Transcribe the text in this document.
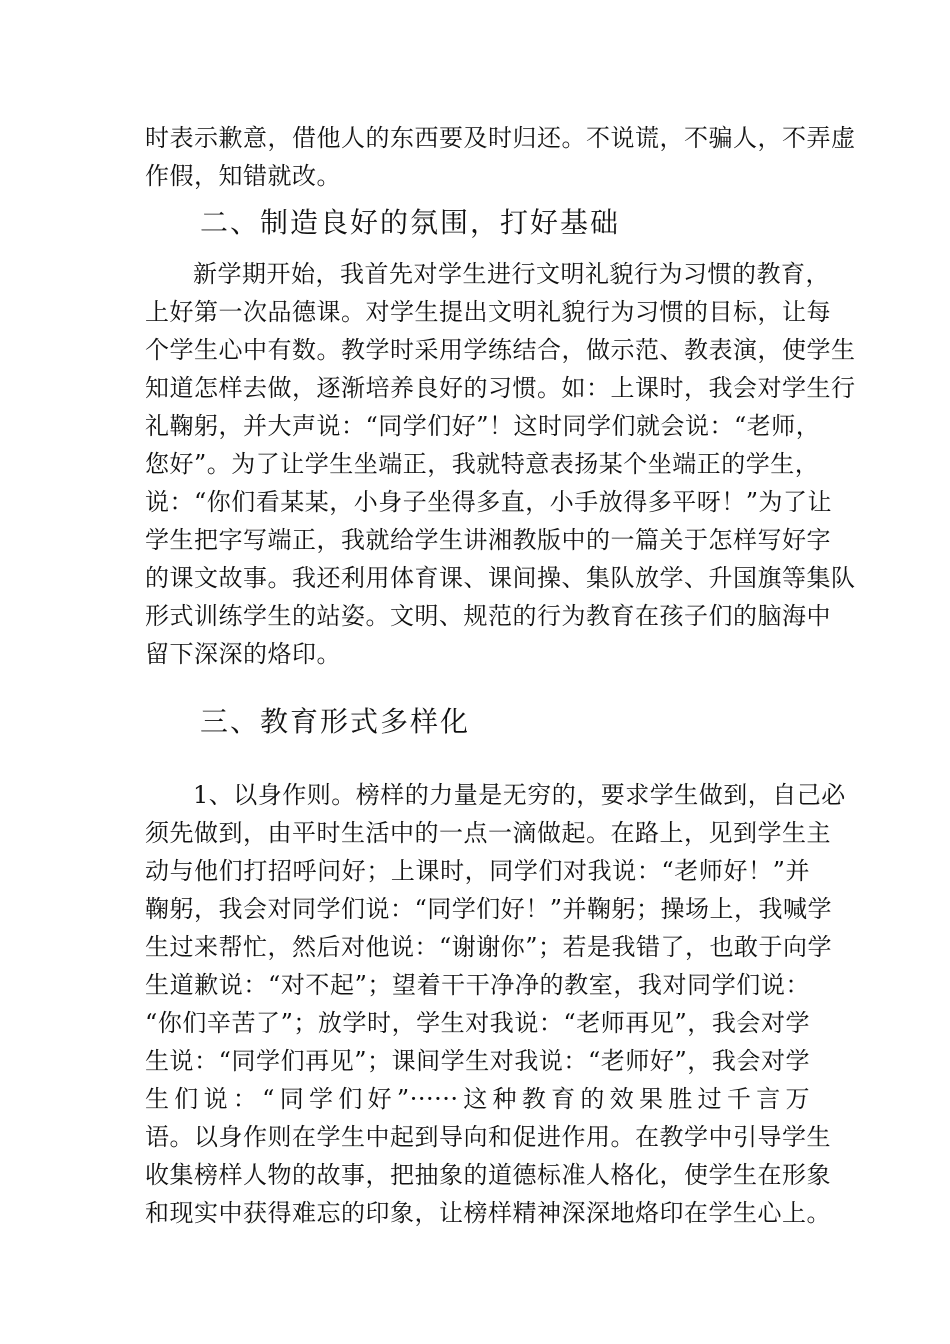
时表示歉意，借他人的东西要及时归还。不说谎，不骗人，不弄虚
作假，知错就改。
二、制造良好的氛围，打好基础
新学期开始，我首先对学生进行文明礼貌行为习惯的教育，
上好第一次品德课。对学生提出文明礼貌行为习惯的目标，让每
个学生心中有数。教学时采用学练结合，做示范、教表演，使学生
知道怎样去做，逐渐培养良好的习惯。如：上课时，我会对学生行
礼鞠躬，并大声说：“同学们好”！这时同学们就会说：“老师，
您好”。为了让学生坐端正，我就特意表扬某个坐端正的学生，
说：“你们看某某，小身子坐得多直，小手放得多平呀！”为了让
学生把字写端正，我就给学生讲湘教版中的一篇关于怎样写好字
的课文故事。我还利用体育课、课间操、集队放学、升国旗等集队
形式训练学生的站姿。文明、规范的行为教育在孩子们的脑海中
留下深深的烙印。
三、教育形式多样化
1、以身作则。榜样的力量是无穷的，要求学生做到，自己必
须先做到，由平时生活中的一点一滴做起。在路上，见到学生主
动与他们打招呼问好；上课时，同学们对我说：“老师好！”并
鞠躬，我会对同学们说：“同学们好！”并鞠躬；操场上，我喊学
生过来帮忙，然后对他说：“谢谢你”；若是我错了，也敢于向学
生道歉说：“对不起”；望着干干净净的教室，我对同学们说：
“你们辛苦了”；放学时，学生对我说：“老师再见”，我会对学
生说：“同学们再见”；课间学生对我说：“老师好”，我会对学
生们说：“同学们好”······这种教育的效果胜过千言万
语。以身作则在学生中起到导向和促进作用。在教学中引导学生
收集榜样人物的故事，把抽象的道德标准人格化，使学生在形象
和现实中获得难忘的印象，让榜样精神深深地烙印在学生心上。
